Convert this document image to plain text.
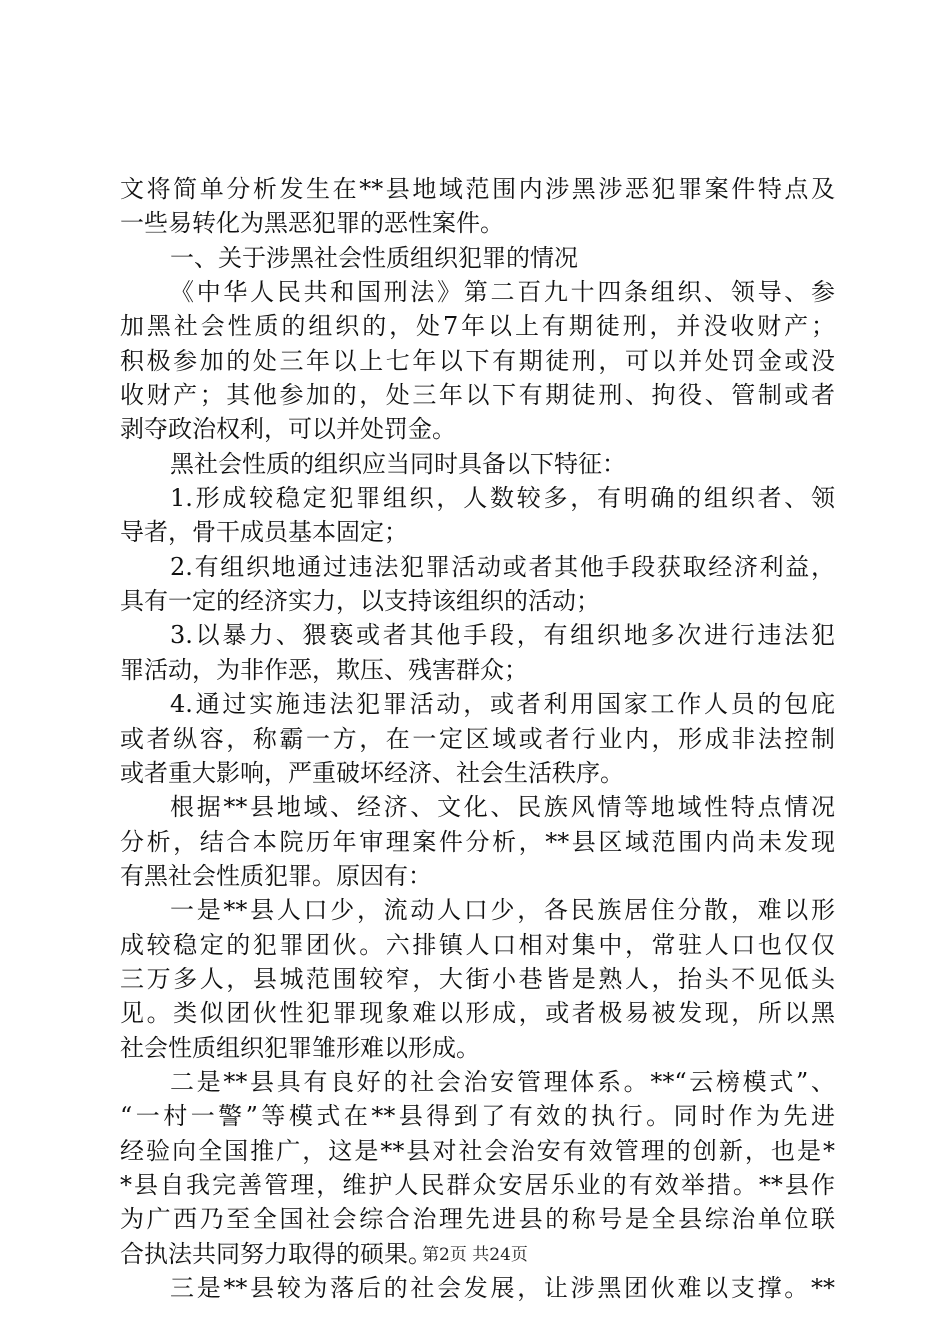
文将简单分析发生在**县地域范围内涉黑涉恶犯罪案件特点及
一些易转化为黑恶犯罪的恶性案件。
一、关于涉黑社会性质组织犯罪的情况
《中华人民共和国刑法》第二百九十四条组织、领导、参
加黑社会性质的组织的，处7年以上有期徒刑，并没收财产；
积极参加的处三年以上七年以下有期徒刑，可以并处罚金或没
收财产；其他参加的，处三年以下有期徒刑、拘役、管制或者
剥夺政治权利，可以并处罚金。
黑社会性质的组织应当同时具备以下特征：
1.形成较稳定犯罪组织，人数较多，有明确的组织者、领
导者，骨干成员基本固定；
2.有组织地通过违法犯罪活动或者其他手段获取经济利益，
具有一定的经济实力，以支持该组织的活动；
3.以暴力、猥亵或者其他手段，有组织地多次进行违法犯
罪活动，为非作恶，欺压、残害群众；
4.通过实施违法犯罪活动，或者利用国家工作人员的包庇
或者纵容，称霸一方，在一定区域或者行业内，形成非法控制
或者重大影响，严重破坏经济、社会生活秩序。
根据**县地域、经济、文化、民族风情等地域性特点情况
分析，结合本院历年审理案件分析，**县区域范围内尚未发现
有黑社会性质犯罪。原因有：
一是**县人口少，流动人口少，各民族居住分散，难以形
成较稳定的犯罪团伙。六排镇人口相对集中，常驻人口也仅仅
三万多人，县城范围较窄，大街小巷皆是熟人，抬头不见低头
见。类似团伙性犯罪现象难以形成，或者极易被发现，所以黑
社会性质组织犯罪雏形难以形成。
二是**县具有良好的社会治安管理体系。**“云榜模式”、
“一村一警”等模式在**县得到了有效的执行。同时作为先进
经验向全国推广，这是**县对社会治安有效管理的创新，也是*
*县自我完善管理，维护人民群众安居乐业的有效举措。**县作
为广西乃至全国社会综合治理先进县的称号是全县综治单位联
合执法共同努力取得的硕果。
三是**县较为落后的社会发展，让涉黑团伙难以支撑。**
第2页 共24页
